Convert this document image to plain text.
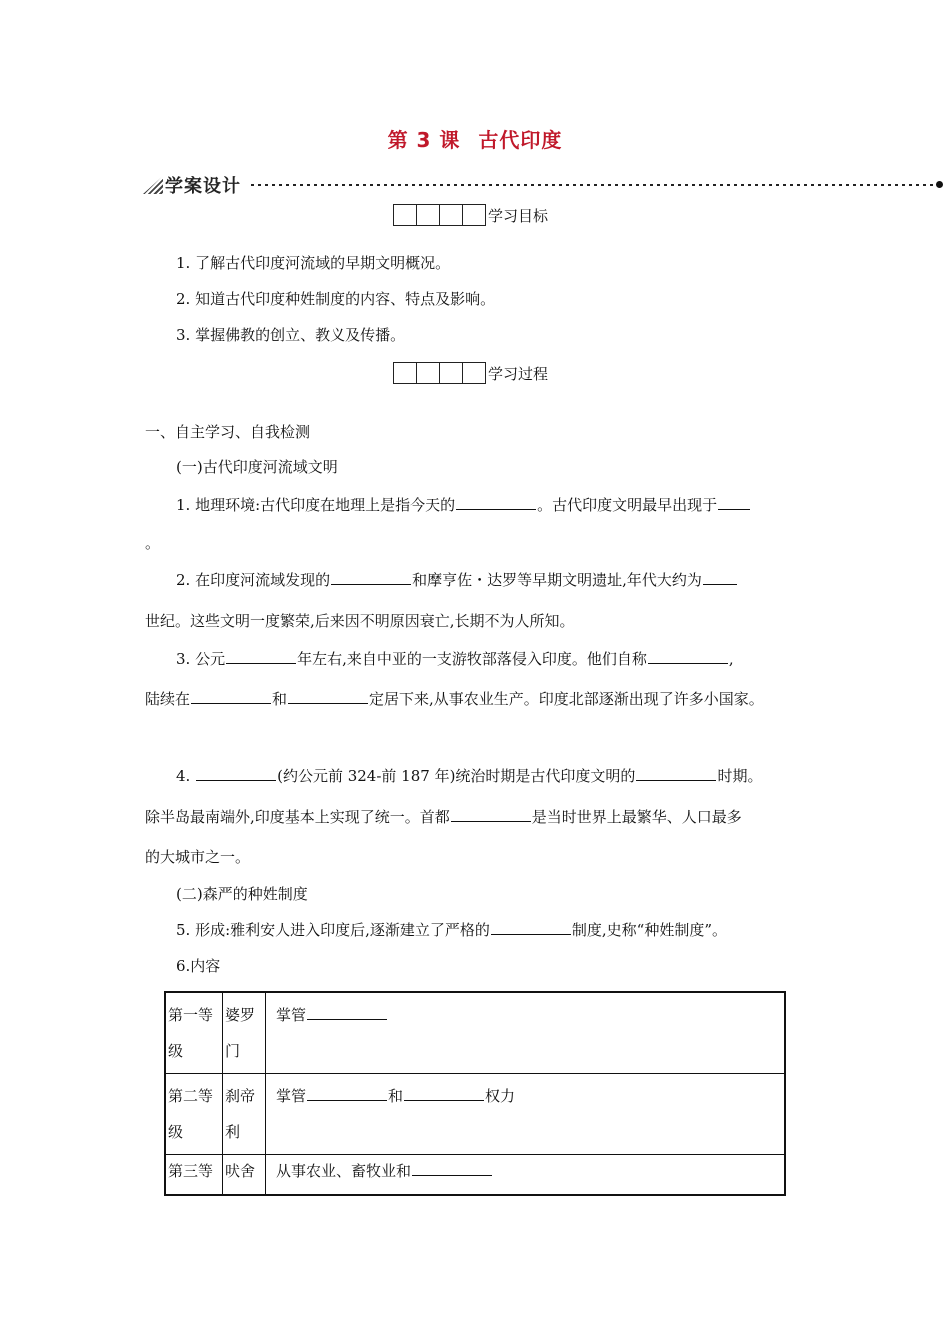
第 3 课 古代印度
学案设计
学习目标
1. 了解古代印度河流域的早期文明概况。
2. 知道古代印度种姓制度的内容、特点及影响。
3. 掌握佛教的创立、教义及传播。
学习过程
一、自主学习、自我检测
(一)古代印度河流域文明
1. 地理环境:古代印度在地理上是指今天的	。古代印度文明最早出现于
。
2. 在印度河流域发现的	和摩亨佐・达罗等早期文明遗址,年代大约为
世纪。这些文明一度繁荣,后来因不明原因衰亡,长期不为人所知。
3. 公元	年左右,来自中亚的一支游牧部落侵入印度。他们自称	,
陆续在	和	定居下来,从事农业生产。印度北部逐渐出现了许多小国家。
4.	(约公元前 324-前 187 年)统治时期是古代印度文明的	时期。
除半岛最南端外,印度基本上实现了统一。首都	是当时世界上最繁华、人口最多
的大城市之一。
(二)森严的种姓制度
5. 形成:雅利安人进入印度后,逐渐建立了严格的	制度,史称“种姓制度”。
6.内容
第一等级	婆罗门	掌管
第二等级	刹帝利	掌管 和 权力
第三等	吠舍	从事农业、畜牧业和
